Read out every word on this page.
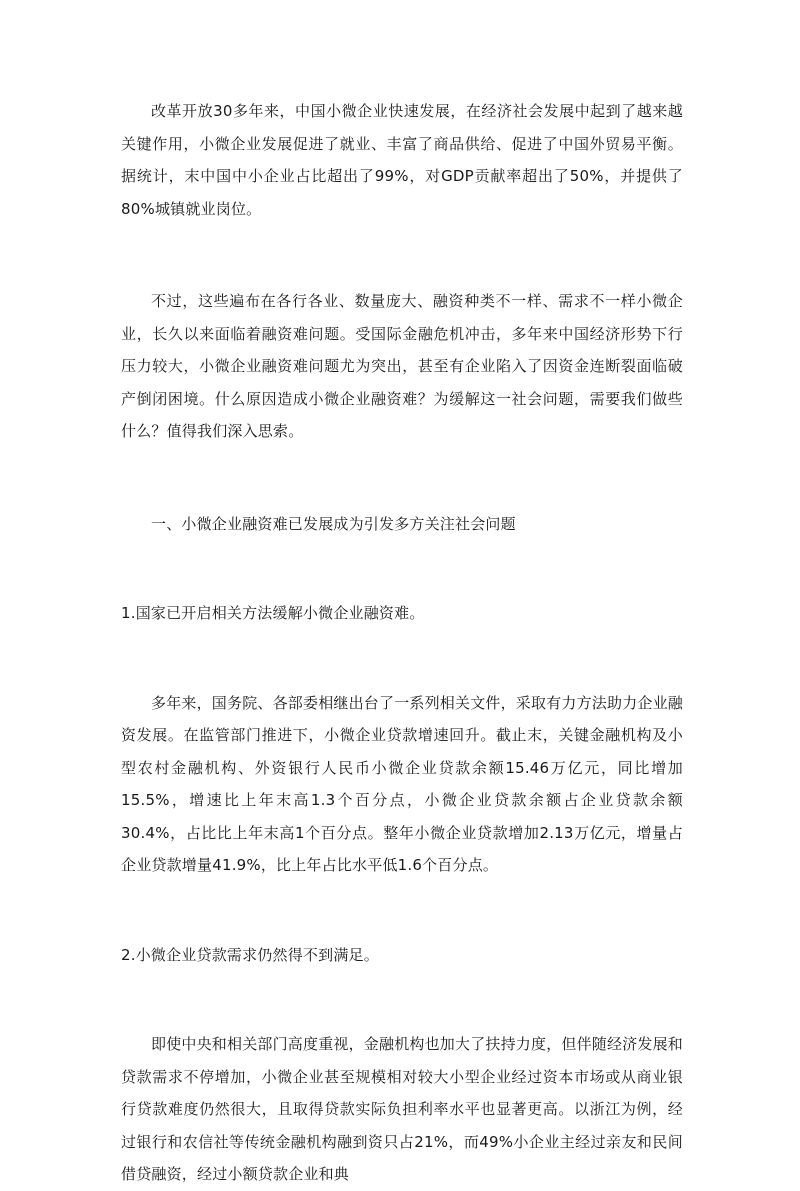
改革开放30多年来，中国小微企业快速发展，在经济社会发展中起到了越来越关键作用，小微企业发展促进了就业、丰富了商品供给、促进了中国外贸易平衡。据统计，末中国中小企业占比超出了99%，对GDP贡献率超出了50%，并提供了80%城镇就业岗位。

不过，这些遍布在各行各业、数量庞大、融资种类不一样、需求不一样小微企业，长久以来面临着融资难问题。受国际金融危机冲击，多年来中国经济形势下行压力较大，小微企业融资难问题尤为突出，甚至有企业陷入了因资金连断裂面临破产倒闭困境。什么原因造成小微企业融资难？为缓解这一社会问题，需要我们做些什么？值得我们深入思索。

一、小微企业融资难已发展成为引发多方关注社会问题

1.国家已开启相关方法缓解小微企业融资难。

多年来，国务院、各部委相继出台了一系列相关文件，采取有力方法助力企业融资发展。在监管部门推进下，小微企业贷款增速回升。截止末，关键金融机构及小型农村金融机构、外资银行人民币小微企业贷款余额15.46万亿元，同比增加15.5%，增速比上年末高1.3个百分点，小微企业贷款余额占企业贷款余额30.4%，占比比上年末高1个百分点。整年小微企业贷款增加2.13万亿元，增量占企业贷款增量41.9%，比上年占比水平低1.6个百分点。

2.小微企业贷款需求仍然得不到满足。

即使中央和相关部门高度重视，金融机构也加大了扶持力度，但伴随经济发展和贷款需求不停增加，小微企业甚至规模相对较大小型企业经过资本市场或从商业银行贷款难度仍然很大，且取得贷款实际负担利率水平也显著更高。以浙江为例，经过银行和农信社等传统金融机构融到资只占21%，而49%小企业主经过亲友和民间借贷融资，经过小额贷款企业和典
